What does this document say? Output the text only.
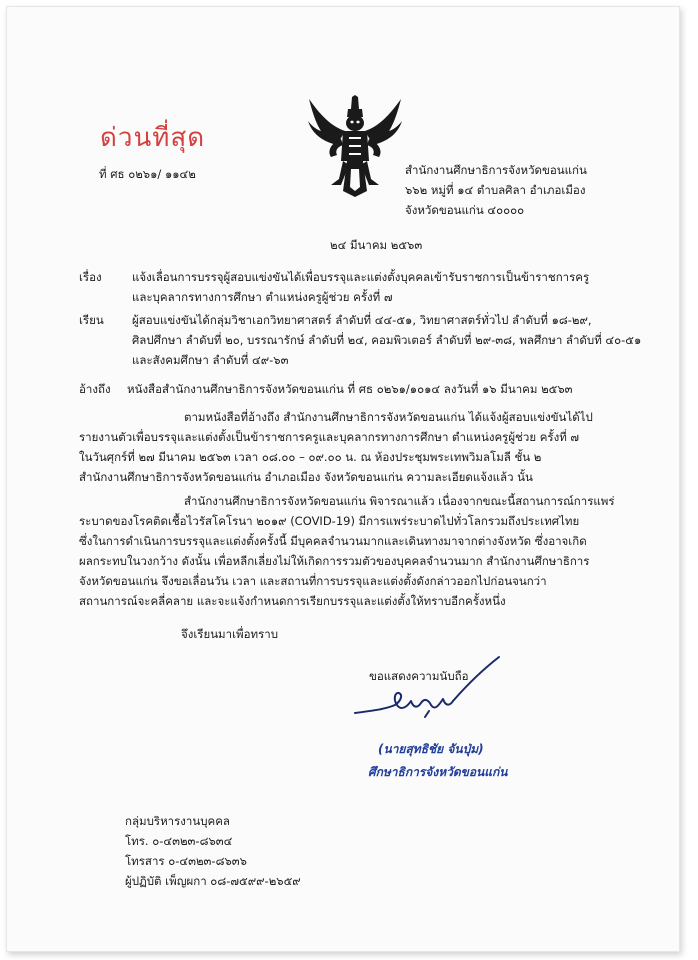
ด่วนที่สุด
ที่ ศธ ๐๒๖๑/ ๑๑๔๒	สำนักงานศึกษาธิการจังหวัดขอนแก่น
๖๖๒ หมู่ที่ ๑๔ ตำบลศิลา อำเภอเมือง
จังหวัดขอนแก่น ๔๐๐๐๐
๒๔ มีนาคม ๒๕๖๓
เรื่อง	แจ้งเลื่อนการบรรจุผู้สอบแข่งขันได้เพื่อบรรจุและแต่งตั้งบุคคลเข้ารับราชการเป็นข้าราชการครู
และบุคลากรทางการศึกษา ตำแหน่งครูผู้ช่วย ครั้งที่ ๗
เรียน ผู้สอบแข่งขันได้กลุ่มวิชาเอกวิทยาศาสตร์ ลำดับที่ ๔๔-๕๑, วิทยาศาสตร์ทั่วไป ลำดับที่ ๑๘-๒๙,
ศิลปศึกษา ลำดับที่ ๒๐, บรรณารักษ์ ลำดับที่ ๒๔, คอมพิวเตอร์ ลำดับที่ ๒๙-๓๘, พลศึกษา ลำดับที่ ๔๐-๕๑
และสังคมศึกษา ลำดับที่ ๔๙-๖๓
อ้างถึง หนังสือสำนักงานศึกษาธิการจังหวัดขอนแก่น ที่ ศธ ๐๒๖๑/๑๐๑๔ ลงวันที่ ๑๖ มีนาคม ๒๕๖๓
ตามหนังสือที่อ้างถึง สำนักงานศึกษาธิการจังหวัดขอนแก่น ได้แจ้งผู้สอบแข่งขันได้ไป
รายงานตัวเพื่อบรรจุและแต่งตั้งเป็นข้าราชการครูและบุคลากรทางการศึกษา ตำแหน่งครูผู้ช่วย ครั้งที่ ๗
ในวันศุกร์ที่ ๒๗ มีนาคม ๒๕๖๓ เวลา ๐๘.๐๐ – ๐๙.๐๐ น. ณ ห้องประชุมพระเทพวิมลโมลี ชั้น ๒
สำนักงานศึกษาธิการจังหวัดขอนแก่น อำเภอเมือง จังหวัดขอนแก่น ความละเอียดแจ้งแล้ว นั้น
สำนักงานศึกษาธิการจังหวัดขอนแก่น พิจารณาแล้ว เนื่องจากขณะนี้สถานการณ์การแพร่
ระบาดของโรคติดเชื้อไวรัสโคโรนา ๒๐๑๙ (COVID-19) มีการแพร่ระบาดไปทั่วโลกรวมถึงประเทศไทย
ซึ่งในการดำเนินการบรรจุและแต่งตั้งครั้งนี้ มีบุคคลจำนวนมากและเดินทางมาจากต่างจังหวัด ซึ่งอาจเกิด
ผลกระทบในวงกว้าง ดังนั้น เพื่อหลีกเลี่ยงไม่ให้เกิดการรวมตัวของบุคคลจำนวนมาก สำนักงานศึกษาธิการ
จังหวัดขอนแก่น จึงขอเลื่อนวัน เวลา และสถานที่การบรรจุและแต่งตั้งดังกล่าวออกไปก่อนจนกว่า
สถานการณ์จะคลี่คลาย และจะแจ้งกำหนดการเรียกบรรจุและแต่งตั้งให้ทราบอีกครั้งหนึ่ง
จึงเรียนมาเพื่อทราบ
ขอแสดงความนับถือ
(นายสุทธิชัย จันปุ่ม)
ศึกษาธิการจังหวัดขอนแก่น
กลุ่มบริหารงานบุคคล
โทร. ๐-๔๓๒๓-๘๖๓๔
โทรสาร ๐-๔๓๒๓-๘๖๓๖
ผู้ปฏิบัติ เพ็ญผกา ๐๘-๗๕๙๙-๒๖๕๙
